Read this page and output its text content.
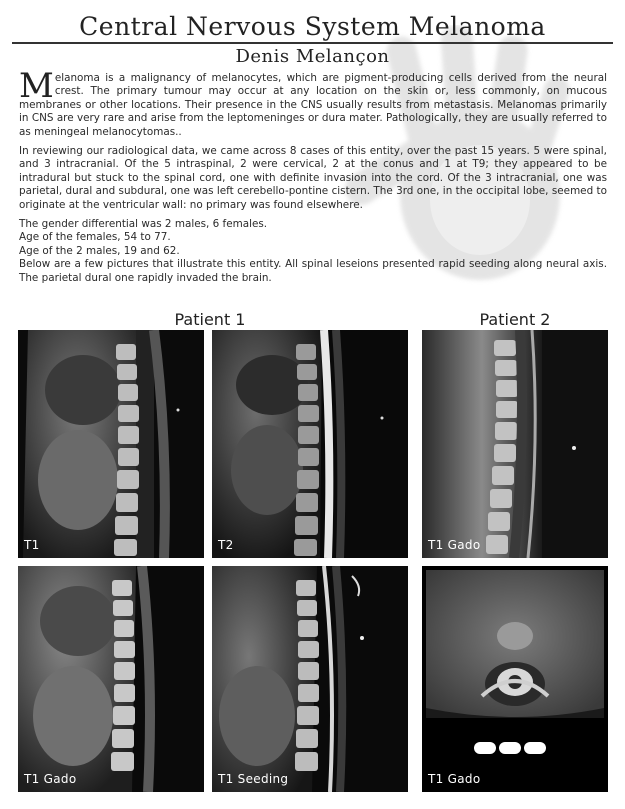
Central Nervous System Melanoma
Denis Melançon

Melanoma is a malignancy of melanocytes, which are pigment-producing cells derived from the neural crest. The primary tumour may occur at any location on the skin or, less commonly, on mucous membranes or other locations. Their presence in the CNS usually results from metastasis. Melanomas primarily in CNS are very rare and arise from the leptomeninges or dura mater. Pathologically, they are usually referred to as meningeal melanocytomas..

In reviewing our radiological data, we came across 8 cases of this entity, over the past 15 years. 5 were spinal, and 3 intracranial. Of the 5 intraspinal, 2 were cervical, 2 at the conus and 1 at T9; they appeared to be intradural but stuck to the spinal cord, one with definite invasion into the cord. Of the 3 intracranial, one was parietal, dural and subdural, one was left cerebello-pontine cistern. The 3rd one, in the occipital lobe, seemed to originate at the ventricular wall: no primary was found elsewhere.

The gender differential was 2 males, 6 females.

Age of the females, 54 to 77.

Age of the 2 males, 19 and 62.

Below are a few pictures that illustrate this entity. All spinal leseions presented rapid seeding along neural axis. The parietal dural one rapidly invaded the brain.

Patient 1	Patient 2
T1	T2	T1 Gado
T1 Gado	T1 Seeding	T1 Gado
